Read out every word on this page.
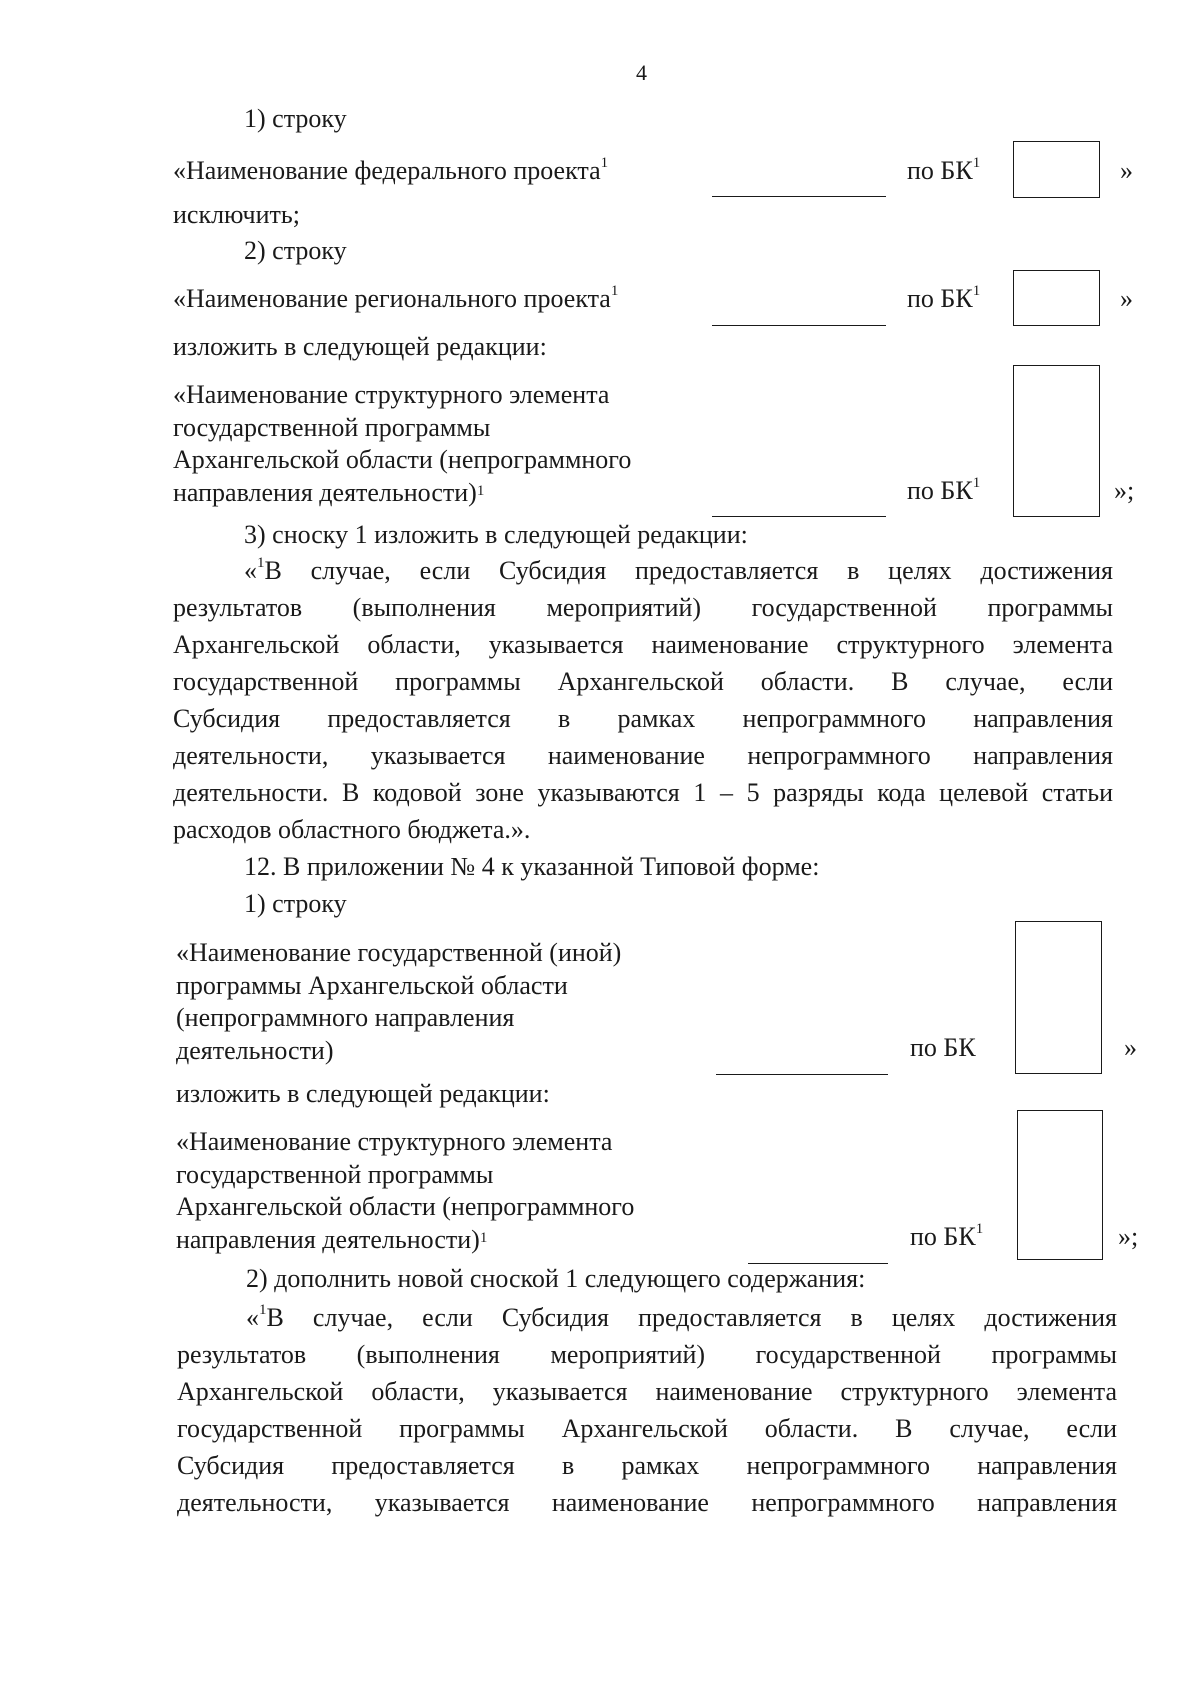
4
1) строку
«Наименование федерального проекта$^1$	по $БК^1$	»
исключить;
2) строку
«Наименование регионального проекта$^1$	по $БК^1$	»
изложить в следующей редакции:
«Наименование структурного элемента
государственной программы
Архангельской области (непрограммного
направления деятельности)$^1$	по $БК^1$	»;
3) сноску 1 изложить в следующей редакции:
«$^1$В случае, если Субсидия предоставляется в целях достижения
результатов (выполнения мероприятий) государственной программы
Архангельской области, указывается наименование структурного элемента
государственной программы Архангельской области. В случае, если
Субсидия предоставляется в рамках непрограммного направления
деятельности, указывается наименование непрограммного направления
деятельности. В кодовой зоне указываются 1 – 5 разряды кода целевой статьи
расходов областного бюджета.».
12. В приложении № 4 к указанной Типовой форме:
1) строку
«Наименование государственной (иной)
программы Архангельской области
(непрограммного направления
деятельности)	по БК	»
изложить в следующей редакции:
«Наименование структурного элемента
государственной программы
Архангельской области (непрограммного
направления деятельности)$^1$	по $БК^1$	»;
2) дополнить новой сноской 1 следующего содержания:
«$^1$В случае, если Субсидия предоставляется в целях достижения
результатов (выполнения мероприятий) государственной программы
Архангельской области, указывается наименование структурного элемента
государственной программы Архангельской области. В случае, если
Субсидия предоставляется в рамках непрограммного направления
деятельности, указывается наименование непрограммного направления
